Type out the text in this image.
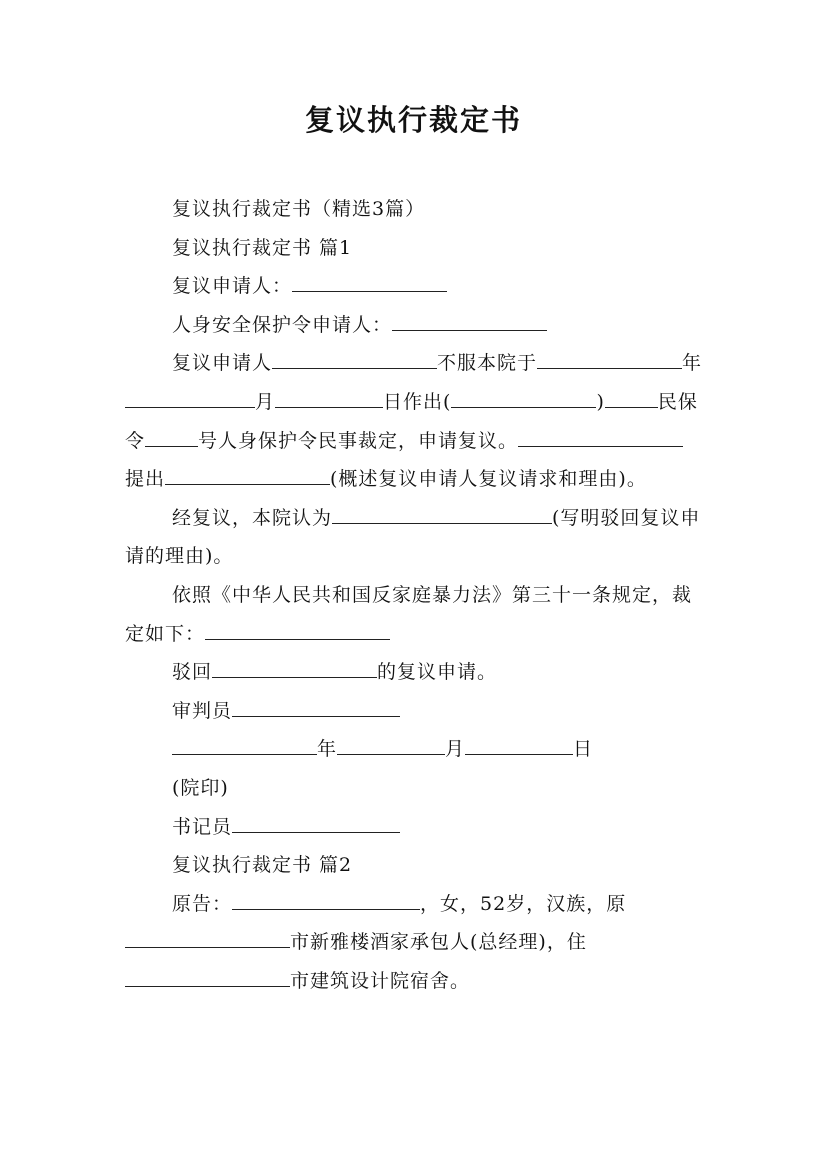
复议执行裁定书

复议执行裁定书（精选3篇）

复议执行裁定书 篇1

复议申请人：

人身安全保护令申请人：

复议申请人	不服本院于	年月	日作出(	)	民保令	号人身保护令民事裁定，申请复议。提出	(概述复议申请人复议请求和理由)。

经复议，本院认为	(写明驳回复议申请的理由)。

依照《中华人民共和国反家庭暴力法》第三十一条规定，裁定如下：

驳回	的复议申请。

审判员

年	月	日

(院印)

书记员

复议执行裁定书 篇2

原告：	，女，52岁，汉族，原市新雅楼酒家承包人(总经理)，住市建筑设计院宿舍。
